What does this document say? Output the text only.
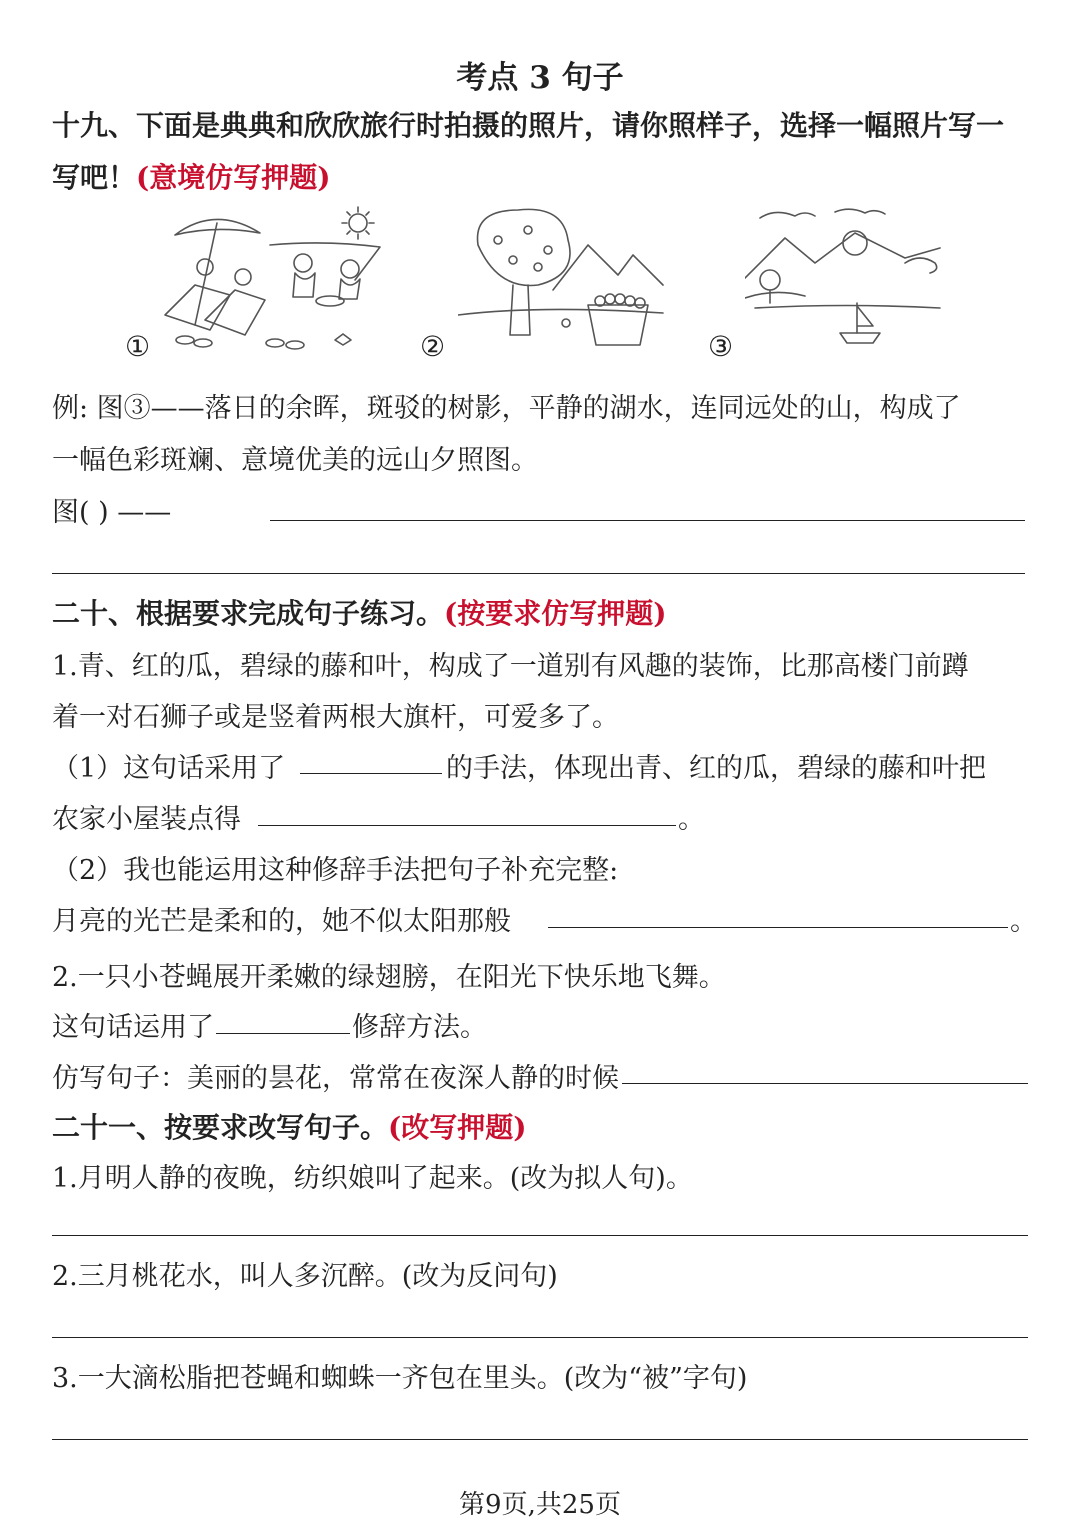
考点 3 句子
十九、下面是典典和欣欣旅行时拍摄的照片，请你照样子，选择一幅照片写一
写吧！(意境仿写押题)
①	②	③
例: 图③——落日的余晖，斑驳的树影，平静的湖水，连同远处的山，构成了
一幅色彩斑斓、意境优美的远山夕照图。
图( ) ——
二十、根据要求完成句子练习。(按要求仿写押题)
1.青、红的瓜，碧绿的藤和叶，构成了一道别有风趣的装饰，比那高楼门前蹲
着一对石狮子或是竖着两根大旗杆，可爱多了。
（1）这句话采用了	的手法，体现出青、红的瓜，碧绿的藤和叶把
农家小屋装点得	。
（2）我也能运用这种修辞手法把句子补充完整:
月亮的光芒是柔和的，她不似太阳那般	。
2.一只小苍蝇展开柔嫩的绿翅膀，在阳光下快乐地飞舞。
这句话运用了	修辞方法。
仿写句子：美丽的昙花，常常在夜深人静的时候
二十一、按要求改写句子。(改写押题)
1.月明人静的夜晚，纺织娘叫了起来。(改为拟人句)。
2.三月桃花水，叫人多沉醉。(改为反问句)
3.一大滴松脂把苍蝇和蜘蛛一齐包在里头。(改为“被”字句)
第9页,共25页
